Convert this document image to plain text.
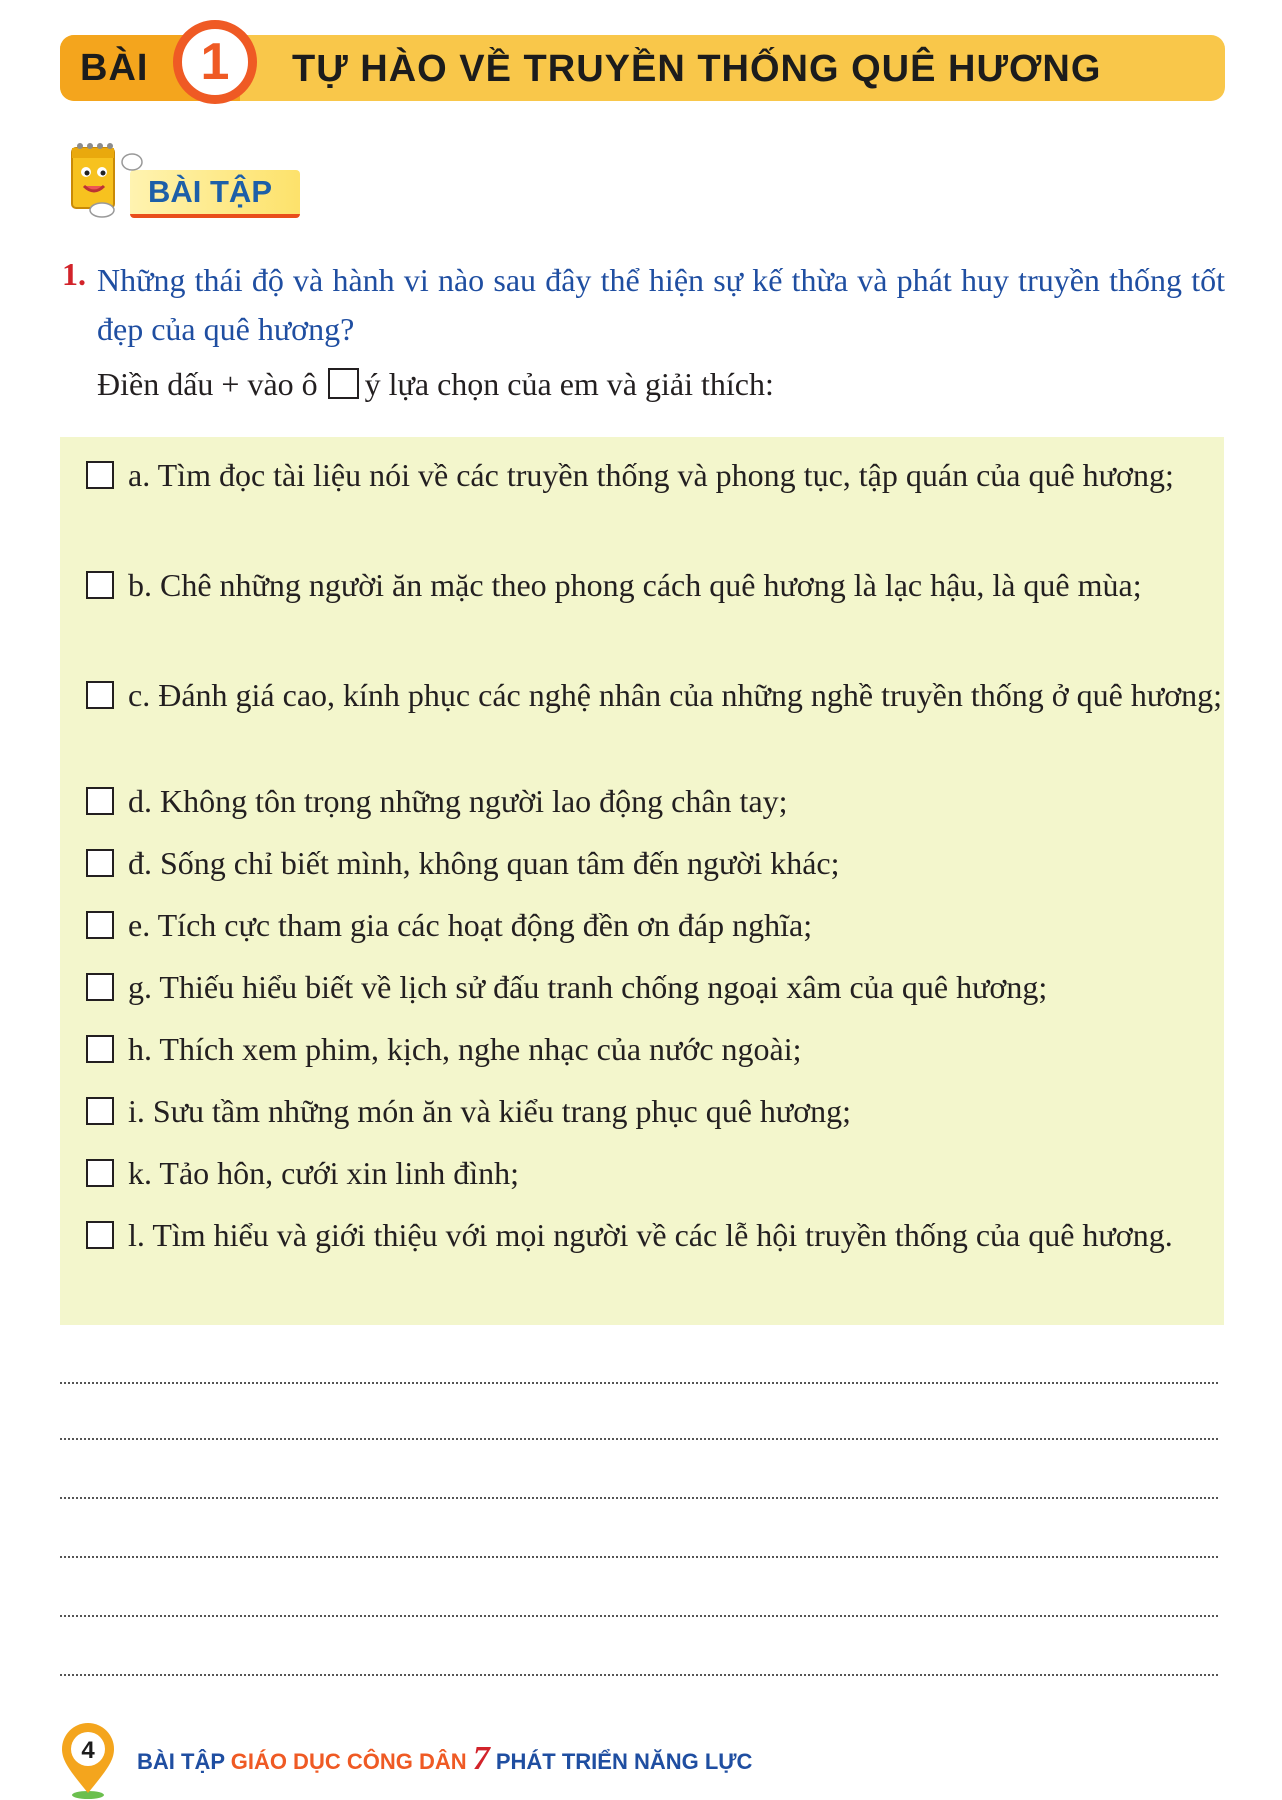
BÀI 1 TỰ HÀO VỀ TRUYỀN THỐNG QUÊ HƯƠNG
BÀI TẬP
1. Những thái độ và hành vi nào sau đây thể hiện sự kế thừa và phát huy truyền thống tốt đẹp của quê hương?
Điền dấu + vào ô ý lựa chọn của em và giải thích:
a. Tìm đọc tài liệu nói về các truyền thống và phong tục, tập quán của quê hương;
b. Chê những người ăn mặc theo phong cách quê hương là lạc hậu, là quê mùa;
c. Đánh giá cao, kính phục các nghệ nhân của những nghề truyền thống ở quê hương;
d. Không tôn trọng những người lao động chân tay;
đ. Sống chỉ biết mình, không quan tâm đến người khác;
e. Tích cực tham gia các hoạt động đền ơn đáp nghĩa;
g. Thiếu hiểu biết về lịch sử đấu tranh chống ngoại xâm của quê hương;
h. Thích xem phim, kịch, nghe nhạc của nước ngoài;
i. Sưu tầm những món ăn và kiểu trang phục quê hương;
k. Tảo hôn, cưới xin linh đình;
l. Tìm hiểu và giới thiệu với mọi người về các lễ hội truyền thống của quê hương.
4 BÀI TẬP GIÁO DỤC CÔNG DÂN 7 PHÁT TRIỂN NĂNG LỰC
